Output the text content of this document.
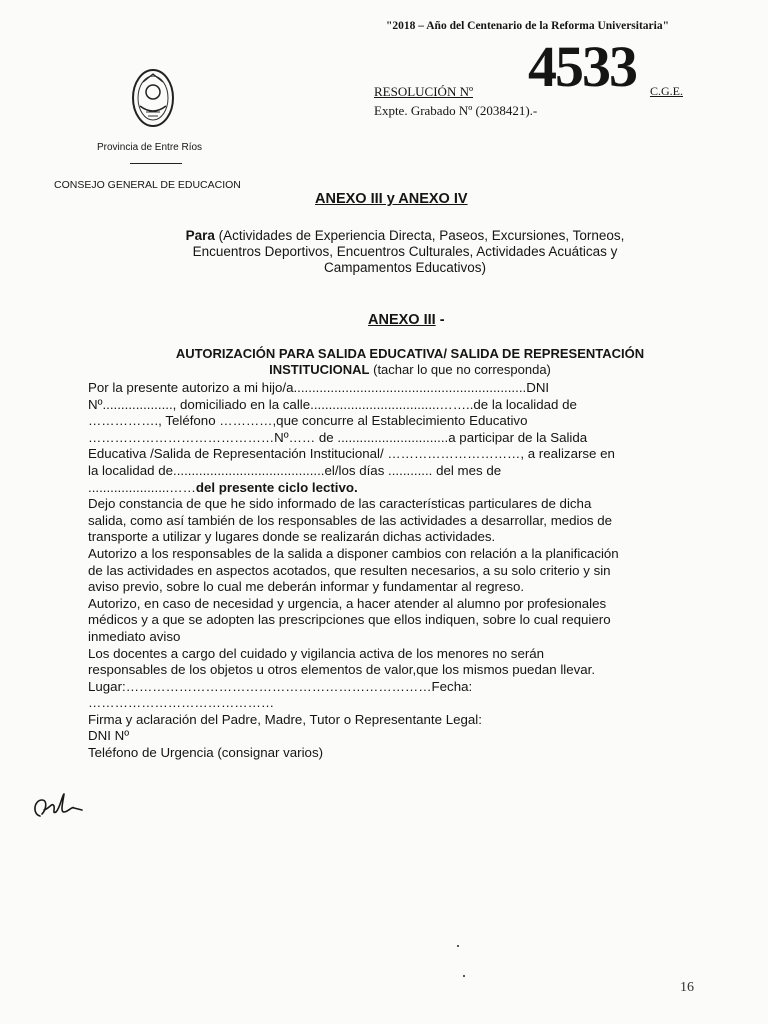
"2018 – Año del Centenario de la Reforma Universitaria"
Provincia de Entre Ríos
CONSEJO GENERAL DE EDUCACION
RESOLUCIÓN Nº 4533 C.G.E.
Expte. Grabado Nº (2038421).-
ANEXO III y ANEXO IV
Para (Actividades de Experiencia Directa, Paseos, Excursiones, Torneos, Encuentros Deportivos, Encuentros Culturales, Actividades Acuáticas y Campamentos Educativos)
ANEXO III -
AUTORIZACIÓN PARA SALIDA EDUCATIVA/ SALIDA DE REPRESENTACIÓN
INSTITUCIONAL (tachar lo que no corresponda)
Por la presente autorizo a mi hijo/a...............................................................DNI
Nº..................., domiciliado en la calle...................................……..de la localidad de
……………., Teléfono …………,que concurre al Establecimiento Educativo
……………………………………Nº…… de ..............................a participar de la Salida
Educativa /Salida de Representación Institucional/ …………………………, a realizarse en
la localidad de.........................................el/los días ............ del mes de
......................……del presente ciclo lectivo.
Dejo constancia de que he sido informado de las características particulares de dicha
salida, como así también de los responsables de las actividades a desarrollar, medios de
transporte a utilizar y lugares donde se realizarán dichas actividades.
Autorizo a los responsables de la salida a disponer cambios con relación a la planificación
de las actividades en aspectos acotados, que resulten necesarios, a su solo criterio y sin
aviso previo, sobre lo cual me deberán informar y fundamentar al regreso.
Autorizo, en caso de necesidad y urgencia, a hacer atender al alumno por profesionales
médicos y a que se adopten las prescripciones que ellos indiquen, sobre lo cual requiero
inmediato aviso
Los docentes a cargo del cuidado y vigilancia activa de los menores no serán
responsables de los objetos u otros elementos de valor,que los mismos puedan llevar.
Lugar:……………………………………………………………Fecha:
……………………………………
Firma y aclaración del Padre, Madre, Tutor o Representante Legal:
DNI Nº
Teléfono de Urgencia (consignar varios)
16
